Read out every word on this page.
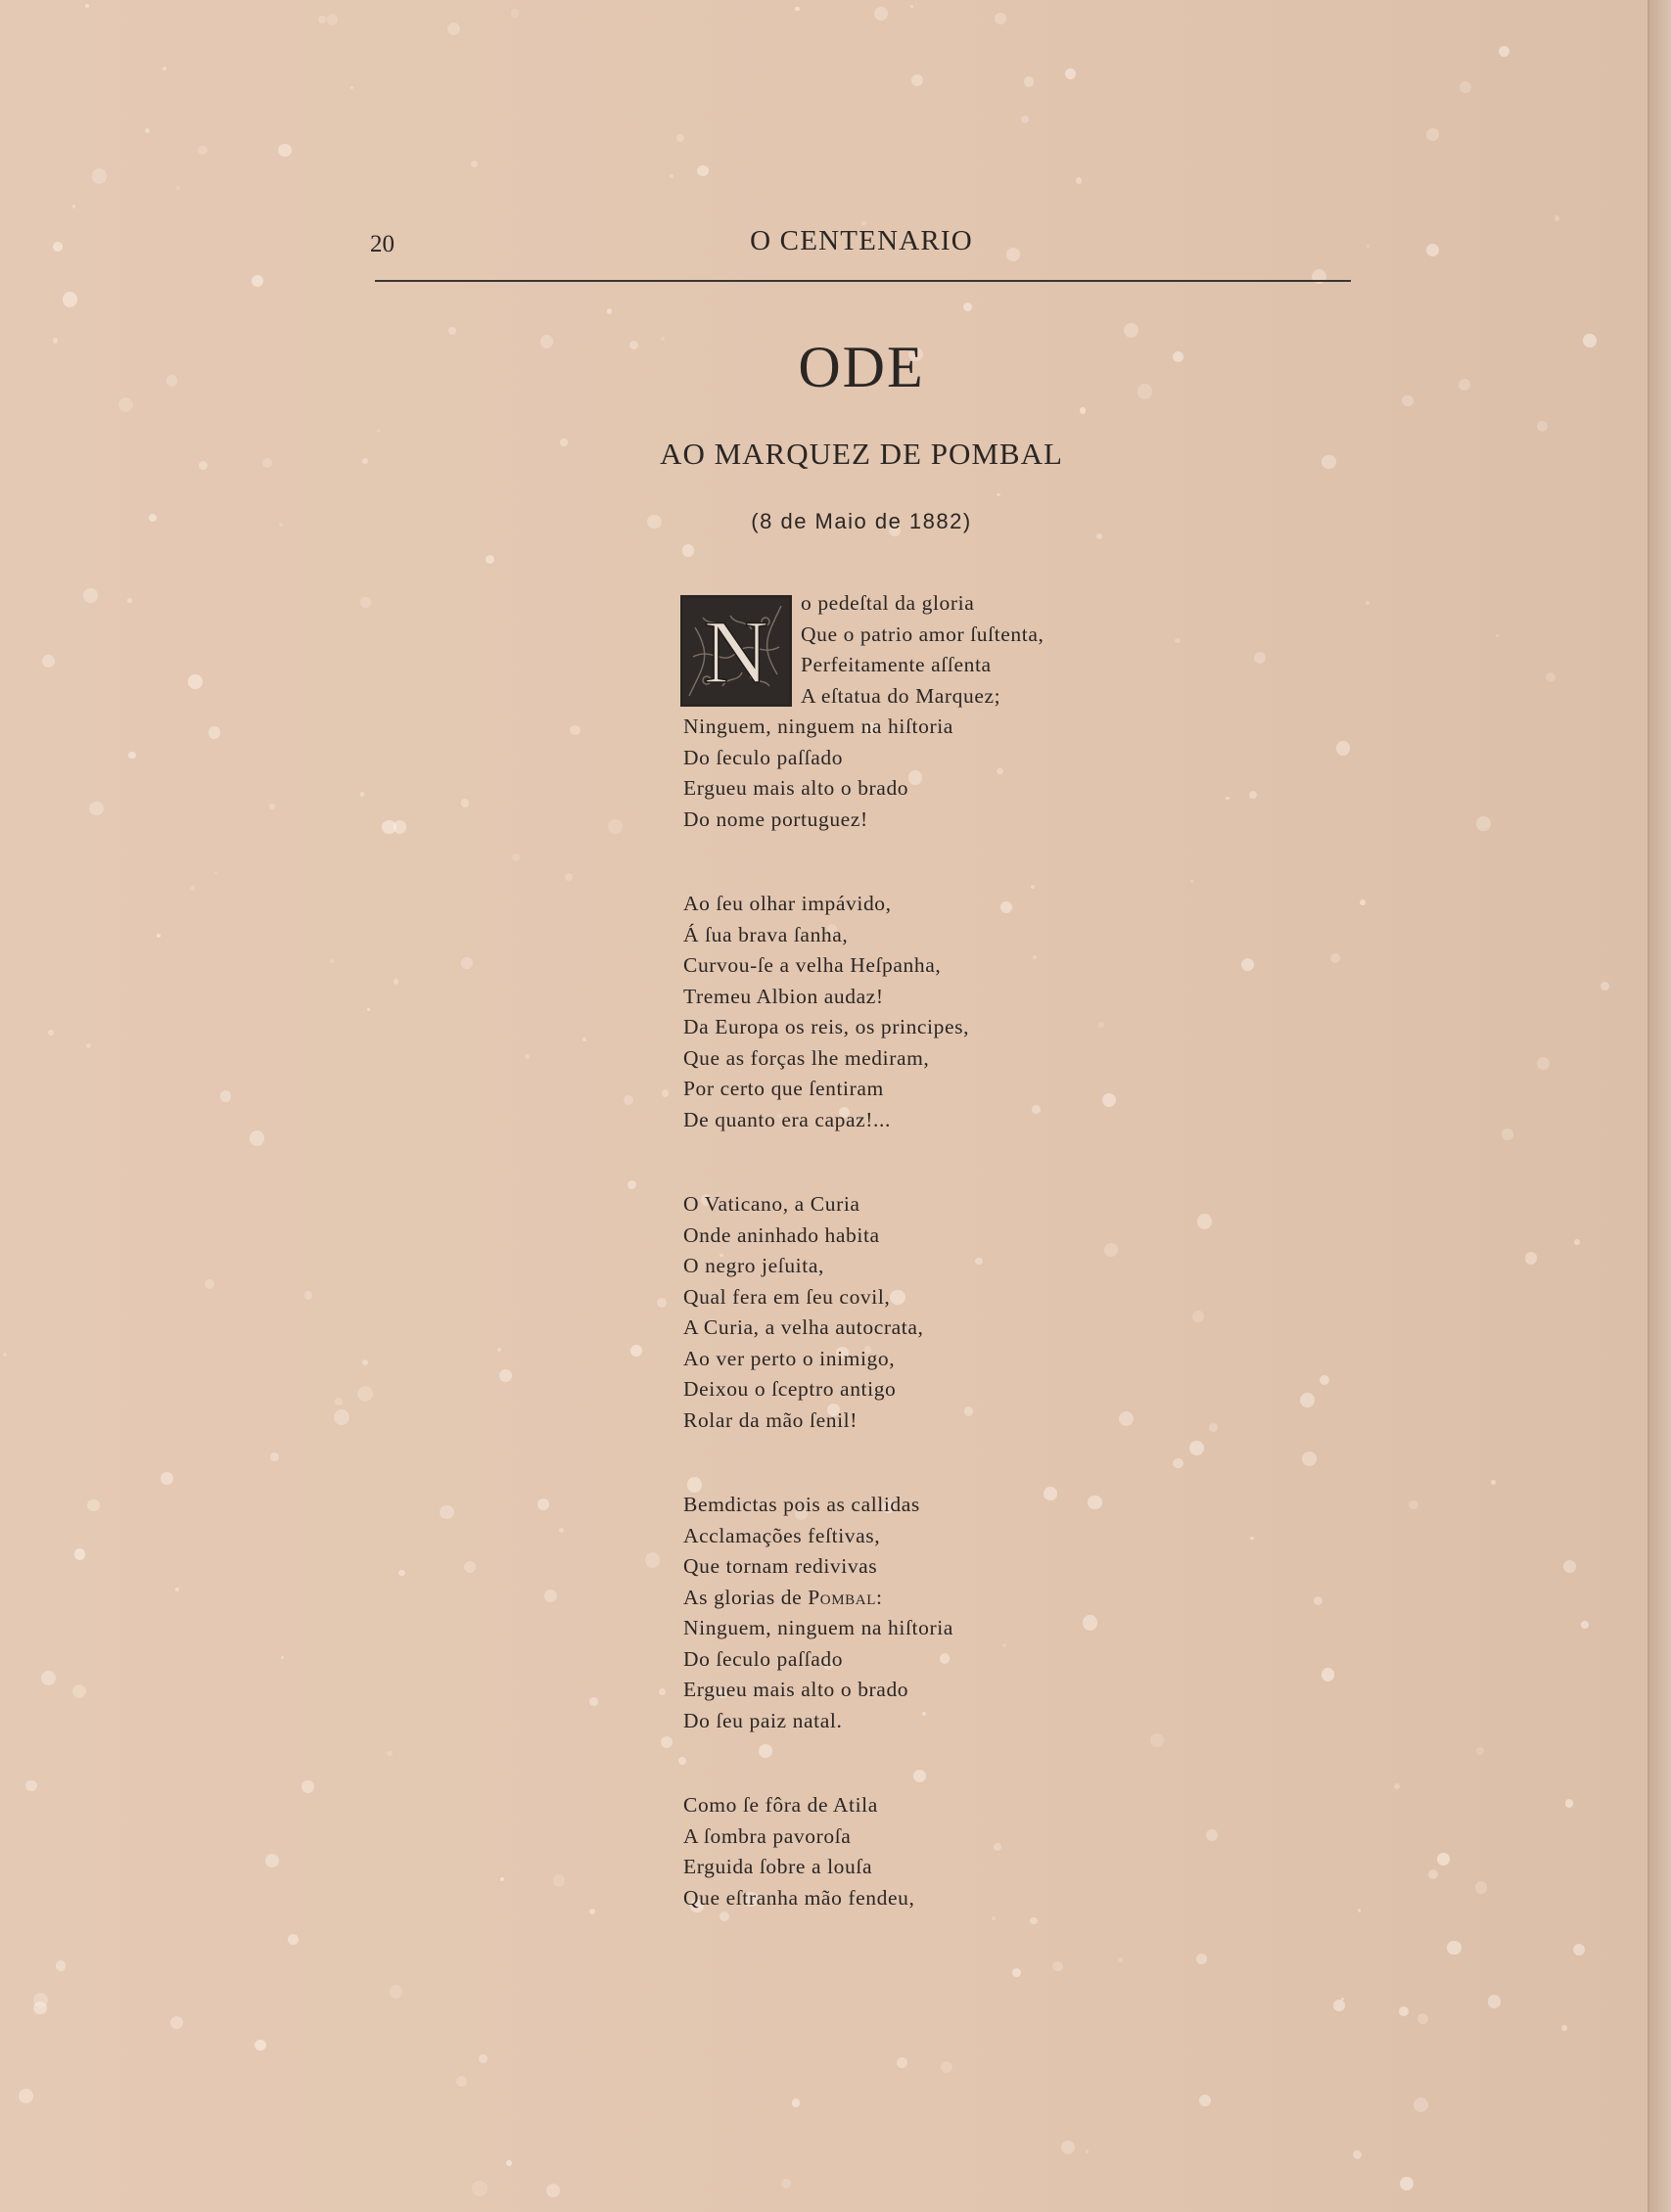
20	O CENTENARIO
ODE
AO MARQUEZ DE POMBAL
(8 de Maio de 1882)
N	o pedeſtal da gloria
Que o patrio amor ſuſtenta,
Perfeitamente aſſenta
A eſtatua do Marquez;
Ninguem, ninguem na hiſtoria
Do ſeculo paſſado
Ergueu mais alto o brado
Do nome portuguez!
Ao ſeu olhar impávido,
Á ſua brava ſanha,
Curvou-ſe a velha Heſpanha,
Tremeu Albion audaz!
Da Europa os reis, os principes,
Que as forças lhe mediram,
Por certo que ſentiram
De quanto era capaz!...
O Vaticano, a Curia
Onde aninhado habita
O negro jeſuita,
Qual fera em ſeu covil,
A Curia, a velha autocrata,
Ao ver perto o inimigo,
Deixou o ſceptro antigo
Rolar da mão ſenil!
Bemdictas pois as callidas
Acclamações feſtivas,
Que tornam redivivas
As glorias de Pombal:
Ninguem, ninguem na hiſtoria
Do ſeculo paſſado
Ergueu mais alto o brado
Do ſeu paiz natal.
Como ſe fôra de Atila
A ſombra pavoroſa
Erguida ſobre a louſa
Que eſtranha mão fendeu,
